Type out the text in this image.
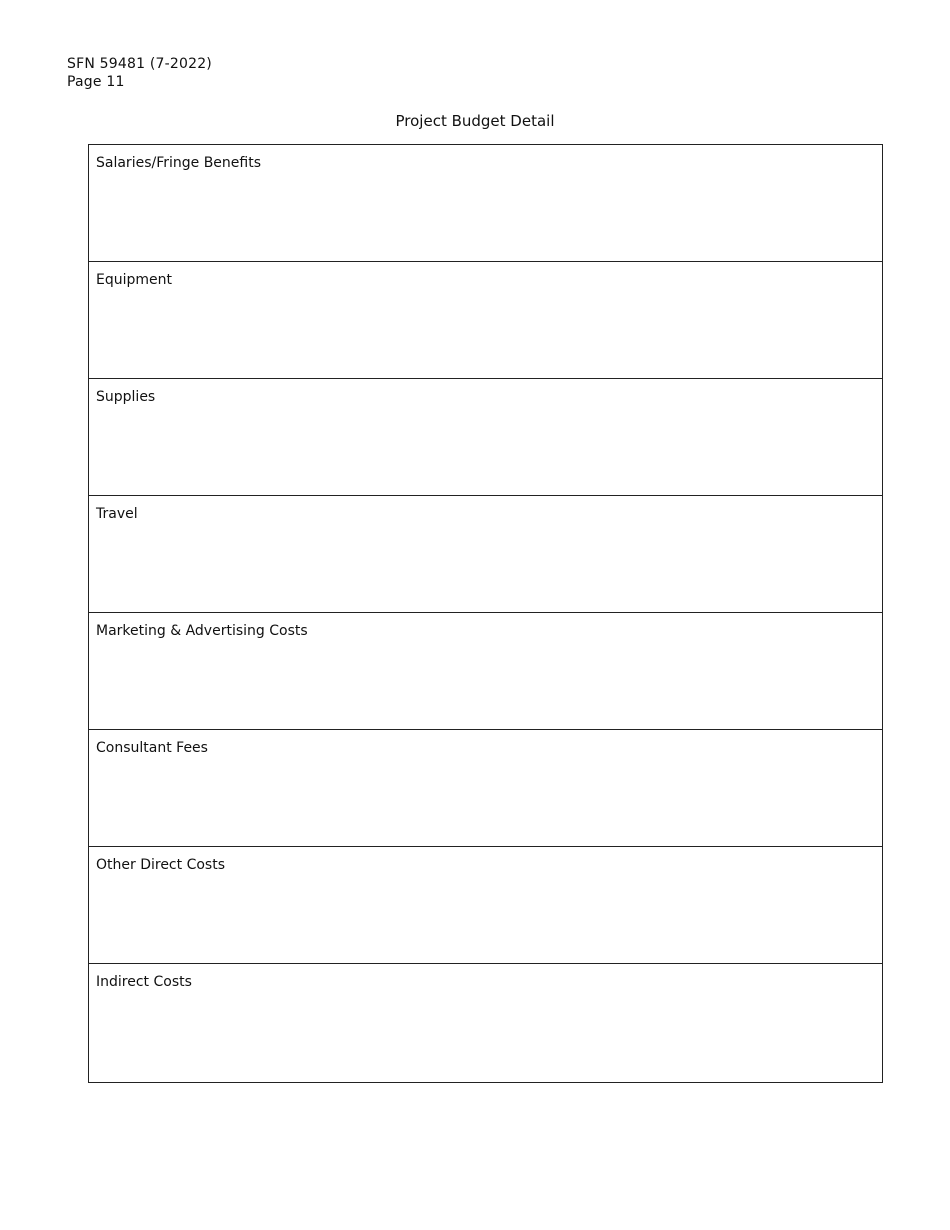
SFN 59481 (7-2022)
Page 11
Project Budget Detail
Salaries/Fringe Benefits
Equipment
Supplies
Travel
Marketing & Advertising Costs
Consultant Fees
Other Direct Costs
Indirect Costs
